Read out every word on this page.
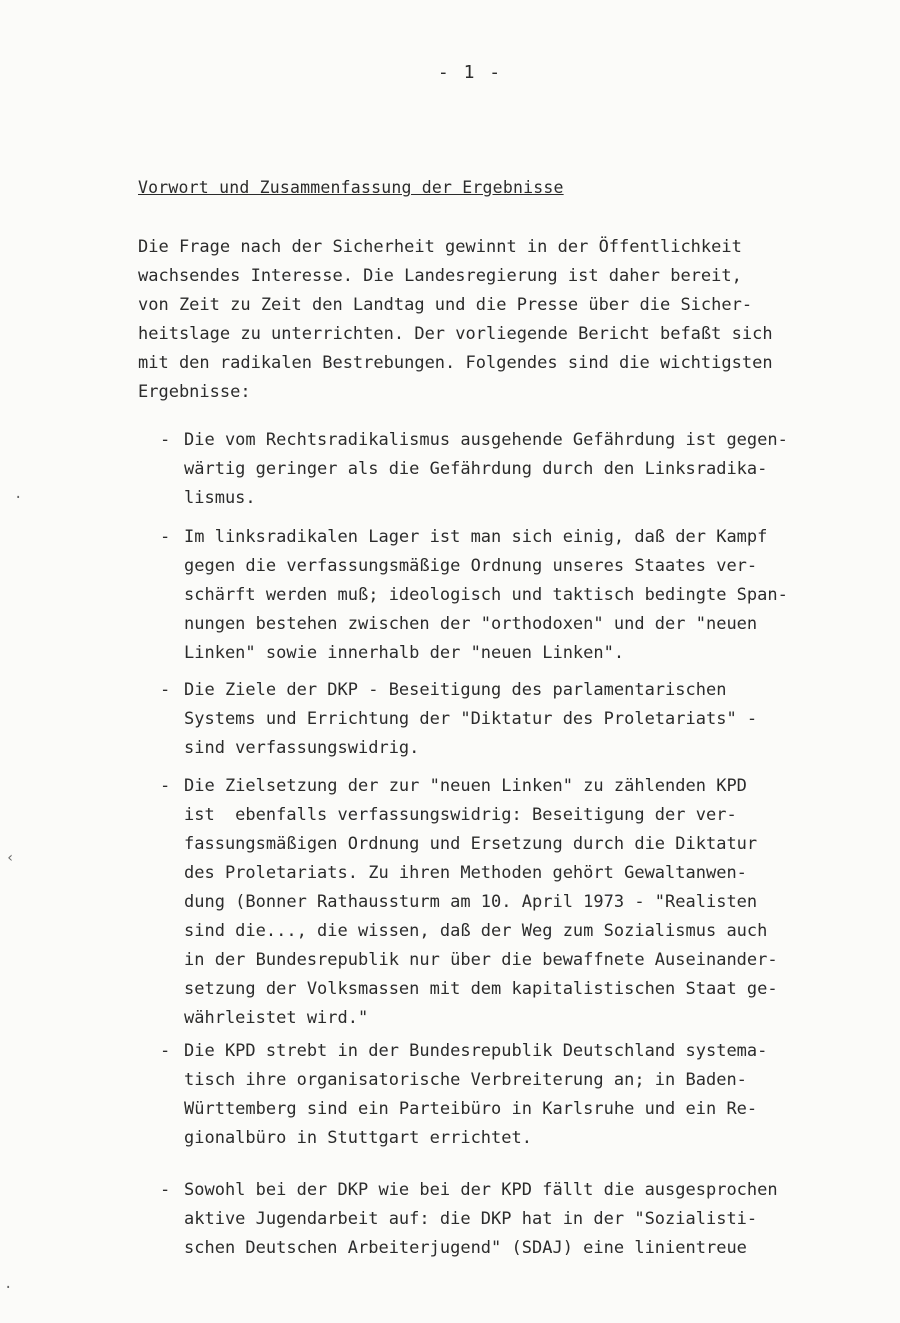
- 1 -
Vorwort und Zusammenfassung der Ergebnisse
Die Frage nach der Sicherheit gewinnt in der Öffentlichkeit
wachsendes Interesse. Die Landesregierung ist daher bereit,
von Zeit zu Zeit den Landtag und die Presse über die Sicher-
heitslage zu unterrichten. Der vorliegende Bericht befaßt sich
mit den radikalen Bestrebungen. Folgendes sind die wichtigsten
Ergebnisse:
- Die vom Rechtsradikalismus ausgehende Gefährdung ist gegen-
wärtig geringer als die Gefährdung durch den Linksradika-
lismus.
- Im linksradikalen Lager ist man sich einig, daß der Kampf
gegen die verfassungsmäßige Ordnung unseres Staates ver-
schärft werden muß; ideologisch und taktisch bedingte Span-
nungen bestehen zwischen der "orthodoxen" und der "neuen
Linken" sowie innerhalb der "neuen Linken".
- Die Ziele der DKP - Beseitigung des parlamentarischen
Systems und Errichtung der "Diktatur des Proletariats" -
sind verfassungswidrig.
- Die Zielsetzung der zur "neuen Linken" zu zählenden KPD
ist  ebenfalls verfassungswidrig: Beseitigung der ver-
fassungsmäßigen Ordnung und Ersetzung durch die Diktatur
des Proletariats. Zu ihren Methoden gehört Gewaltanwen-
dung (Bonner Rathaussturm am 10. April 1973 - "Realisten
sind die..., die wissen, daß der Weg zum Sozialismus auch
in der Bundesrepublik nur über die bewaffnete Auseinander-
setzung der Volksmassen mit dem kapitalistischen Staat ge-
währleistet wird."
- Die KPD strebt in der Bundesrepublik Deutschland systema-
tisch ihre organisatorische Verbreiterung an; in Baden-
Württemberg sind ein Parteibüro in Karlsruhe und ein Re-
gionalbüro in Stuttgart errichtet.
- Sowohl bei der DKP wie bei der KPD fällt die ausgesprochen
aktive Jugendarbeit auf: die DKP hat in der "Sozialisti-
schen Deutschen Arbeiterjugend" (SDAJ) eine linientreue
·
‹
·
